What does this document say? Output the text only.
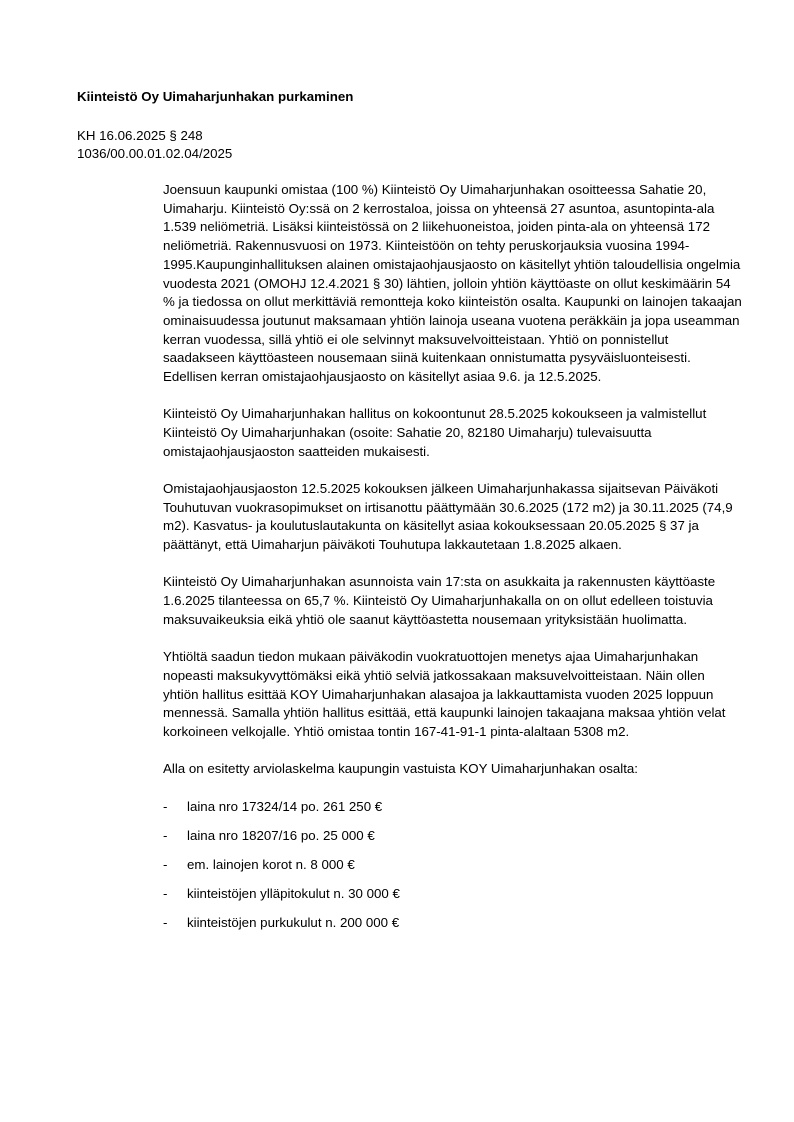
Kiinteistö Oy Uimaharjunhakan purkaminen
KH 16.06.2025 § 248
1036/00.00.01.02.04/2025

Joensuun kaupunki omistaa (100 %) Kiinteistö Oy Uimaharjunhakan osoitteessa Sahatie 20, Uimaharju. Kiinteistö Oy:ssä on 2 kerrostaloa, joissa on yhteensä 27 asuntoa, asuntopinta-ala 1.539 neliömetriä. Lisäksi kiinteistössä on 2 liikehuoneistoa, joiden pinta-ala on yhteensä 172 neliömetriä. Rakennusvuosi on 1973. Kiinteistöön on tehty peruskorjauksia vuosina 1994-1995.Kaupunginhallituksen alainen omistajaohjausjaosto on käsitellyt yhtiön taloudellisia ongelmia vuodesta 2021 (OMOHJ 12.4.2021 § 30) lähtien, jolloin yhtiön käyttöaste on ollut keskimäärin 54 % ja tiedossa on ollut merkittäviä remontteja koko kiinteistön osalta. Kaupunki on lainojen takaajan ominaisuudessa joutunut maksamaan yhtiön lainoja useana vuotena peräkkäin ja jopa useamman kerran vuodessa, sillä yhtiö ei ole selvinnyt maksuvelvoitteistaan. Yhtiö on ponnistellut saadakseen käyttöasteen nousemaan siinä kuitenkaan onnistumatta pysyväisluonteisesti. Edellisen kerran omistajaohjausjaosto on käsitellyt asiaa 9.6. ja 12.5.2025.

Kiinteistö Oy Uimaharjunhakan hallitus on kokoontunut 28.5.2025 kokoukseen ja valmistellut Kiinteistö Oy Uimaharjunhakan (osoite: Sahatie 20, 82180 Uimaharju) tulevaisuutta omistajaohjausjaoston saatteiden mukaisesti.

Omistajaohjausjaoston 12.5.2025 kokouksen jälkeen Uimaharjunhakassa sijaitsevan Päiväkoti Touhutuvan vuokrasopimukset on irtisanottu päättymään 30.6.2025 (172 m2) ja 30.11.2025 (74,9 m2). Kasvatus- ja koulutuslautakunta on käsitellyt asiaa kokouksessaan 20.05.2025 § 37 ja päättänyt, että Uimaharjun päiväkoti Touhutupa lakkautetaan 1.8.2025 alkaen.

Kiinteistö Oy Uimaharjunhakan asunnoista vain 17:sta on asukkaita ja rakennusten käyttöaste 1.6.2025 tilanteessa on 65,7 %. Kiinteistö Oy Uimaharjunhakalla on on ollut edelleen toistuvia maksuvaikeuksia eikä yhtiö ole saanut käyttöastetta nousemaan yrityksistään huolimatta.

Yhtiöltä saadun tiedon mukaan päiväkodin vuokratuottojen menetys ajaa Uimaharjunhakan nopeasti maksukyvyttömäksi eikä yhtiö selviä jatkossakaan maksuvelvoitteistaan. Näin ollen yhtiön hallitus esittää KOY Uimaharjunhakan alasajoa ja lakkauttamista vuoden 2025 loppuun mennessä. Samalla yhtiön hallitus esittää, että kaupunki lainojen takaajana maksaa yhtiön velat korkoineen velkojalle. Yhtiö omistaa tontin 167-41-91-1 pinta-alaltaan 5308 m2.

Alla on esitetty arviolaskelma kaupungin vastuista KOY Uimaharjunhakan osalta:

- laina nro 17324/14 po. 261 250 €
- laina nro 18207/16 po. 25 000 €
- em. lainojen korot n. 8 000 €
- kiinteistöjen ylläpitokulut n. 30 000 €
- kiinteistöjen purkukulut n. 200 000 €
